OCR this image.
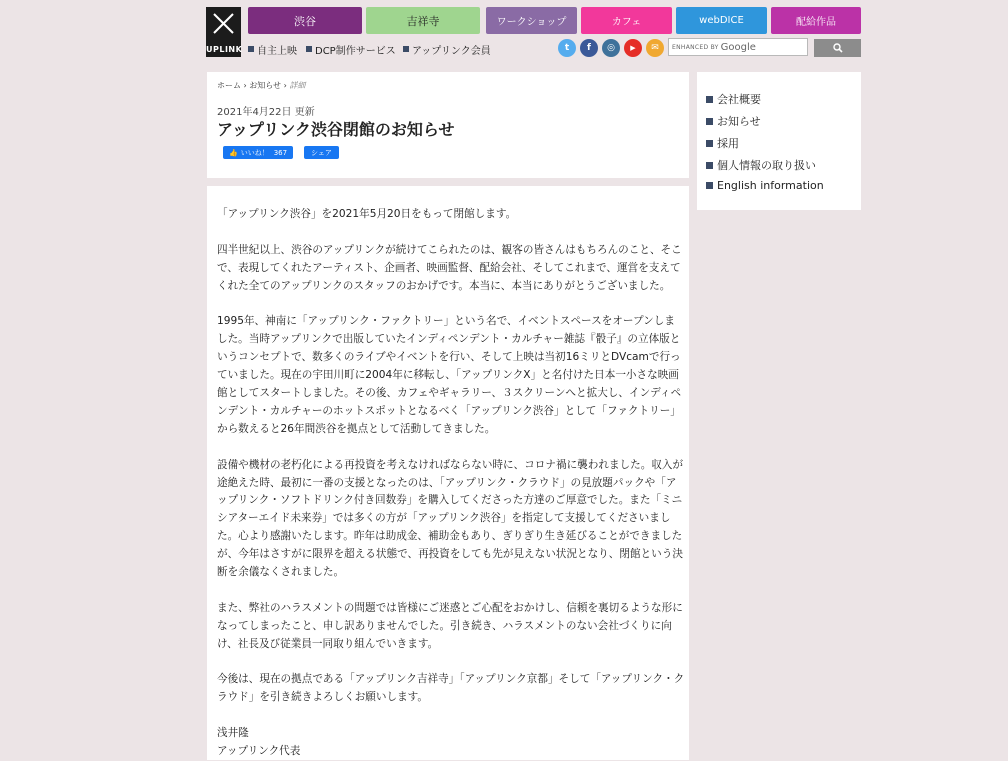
UPLINK
渋谷	吉祥寺	ワークショップ	カフェ	webDICE	配給作品
自主上映 DCP制作サービス アップリンク会員	t	f	◎	▶	✉	ENHANCED BY Google
ホーム › お知らせ › 詳細
2021年4月22日 更新
アップリンク渋谷閉館のお知らせ
👍 いいね！ 367	シェア

「アップリンク渋谷」を2021年5月20日をもって閉館します。

四半世紀以上、渋谷のアップリンクが続けてこられたのは、観客の皆さんはもちろんのこと、そこで、表現してくれたアーティスト、企画者、映画監督、配給会社、そしてこれまで、運営を支えてくれた全てのアップリンクのスタッフのおかげです。本当に、本当にありがとうございました。

1995年、神南に「アップリンク・ファクトリー」という名で、イベントスペースをオープンしました。当時アップリンクで出版していたインディペンデント・カルチャー雑誌『骰子』の立体版というコンセプトで、数多くのライブやイベントを行い、そして上映は当初16ミリとDVcamで行っていました。現在の宇田川町に2004年に移転し、「アップリンクX」と名付けた日本一小さな映画館としてスタートしました。その後、カフェやギャラリー、３スクリーンへと拡大し、インディペンデント・カルチャーのホットスポットとなるべく「アップリンク渋谷」として「ファクトリー」から数えると26年間渋谷を拠点として活動してきました。

設備や機材の老朽化による再投資を考えなければならない時に、コロナ禍に襲われました。収入が途絶えた時、最初に一番の支援となったのは、「アップリンク・クラウド」の見放題パックや「アップリンク・ソフトドリンク付き回数券」を購入してくださった方達のご厚意でした。また「ミニシアターエイド未来券」では多くの方が「アップリンク渋谷」を指定して支援してくださいました。心より感謝いたします。昨年は助成金、補助金もあり、ぎりぎり生き延びることができましたが、今年はさすがに限界を超える状態で、再投資をしても先が見えない状況となり、閉館という決断を余儀なくされました。

また、弊社のハラスメントの問題では皆様にご迷惑とご心配をおかけし、信頼を裏切るような形になってしまったこと、申し訳ありませんでした。引き続き、ハラスメントのない会社づくりに向け、社長及び従業員一同取り組んでいきます。

今後は、現在の拠点である「アップリンク吉祥寺」「アップリンク京都」そして「アップリンク・クラウド」を引き続きよろしくお願いします。

浅井隆
アップリンク代表
会社概要
お知らせ
採用
個人情報の取り扱い
English information
